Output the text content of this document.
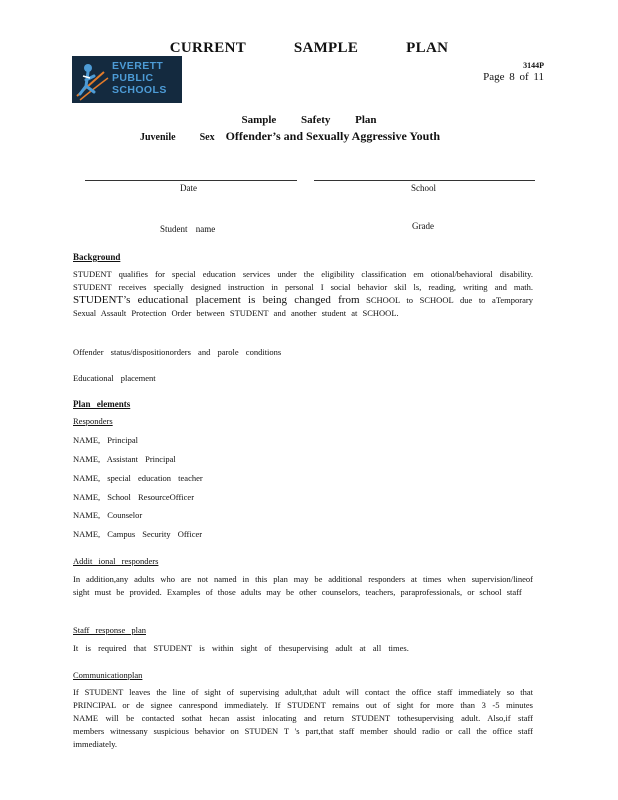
CURRENT SAMPLE PLAN
EVERETT
PUBLIC
SCHOOLS
3144P
Page 8 of 11
Sample Safety Plan
Juvenile Sex Offender’s and Sexually Aggressive Youth
Date	School
Student name	Grade
Background
STUDENT qualifies for special education services under the eligibility classification em otional/behavioral disability. STUDENT receives specially designed instruction in personal I social behavior skil ls, reading, writing and math. STUDENT’s educational placement is being changed from SCHOOL to SCHOOL due to aTemporary Sexual Assault Protection Order between STUDENT and another student at SCHOOL.
Offender status/dispositionorders and parole conditions
Educational placement
Plan elements
Responders
NAME, Principal
NAME, Assistant Principal
NAME, special education teacher
NAME, School ResourceOfficer
NAME, Counselor
NAME, Campus Security Officer
Addit ional responders
In addition,any adults who are not named in this plan may be additional responders at times when supervision/lineof sight must be provided. Examples of those adults may be other counselors, teachers, paraprofessionals, or school staff
Staff response plan
It is required that STUDENT is within sight of thesupervising adult at all times.
Communicationplan
If STUDENT leaves the line of sight of supervising adult,that adult will contact the office staff immediately so that PRINCIPAL or de signee canrespond immediately. If STUDENT remains out of sight for more than 3 -5 minutes NAME will be contacted sothat hecan assist inlocating and return STUDENT tothesupervising adult. Also,if staff members witnessany suspicious behavior on STUDEN T 's part,that staff member should radio or call the office staff immediately.
